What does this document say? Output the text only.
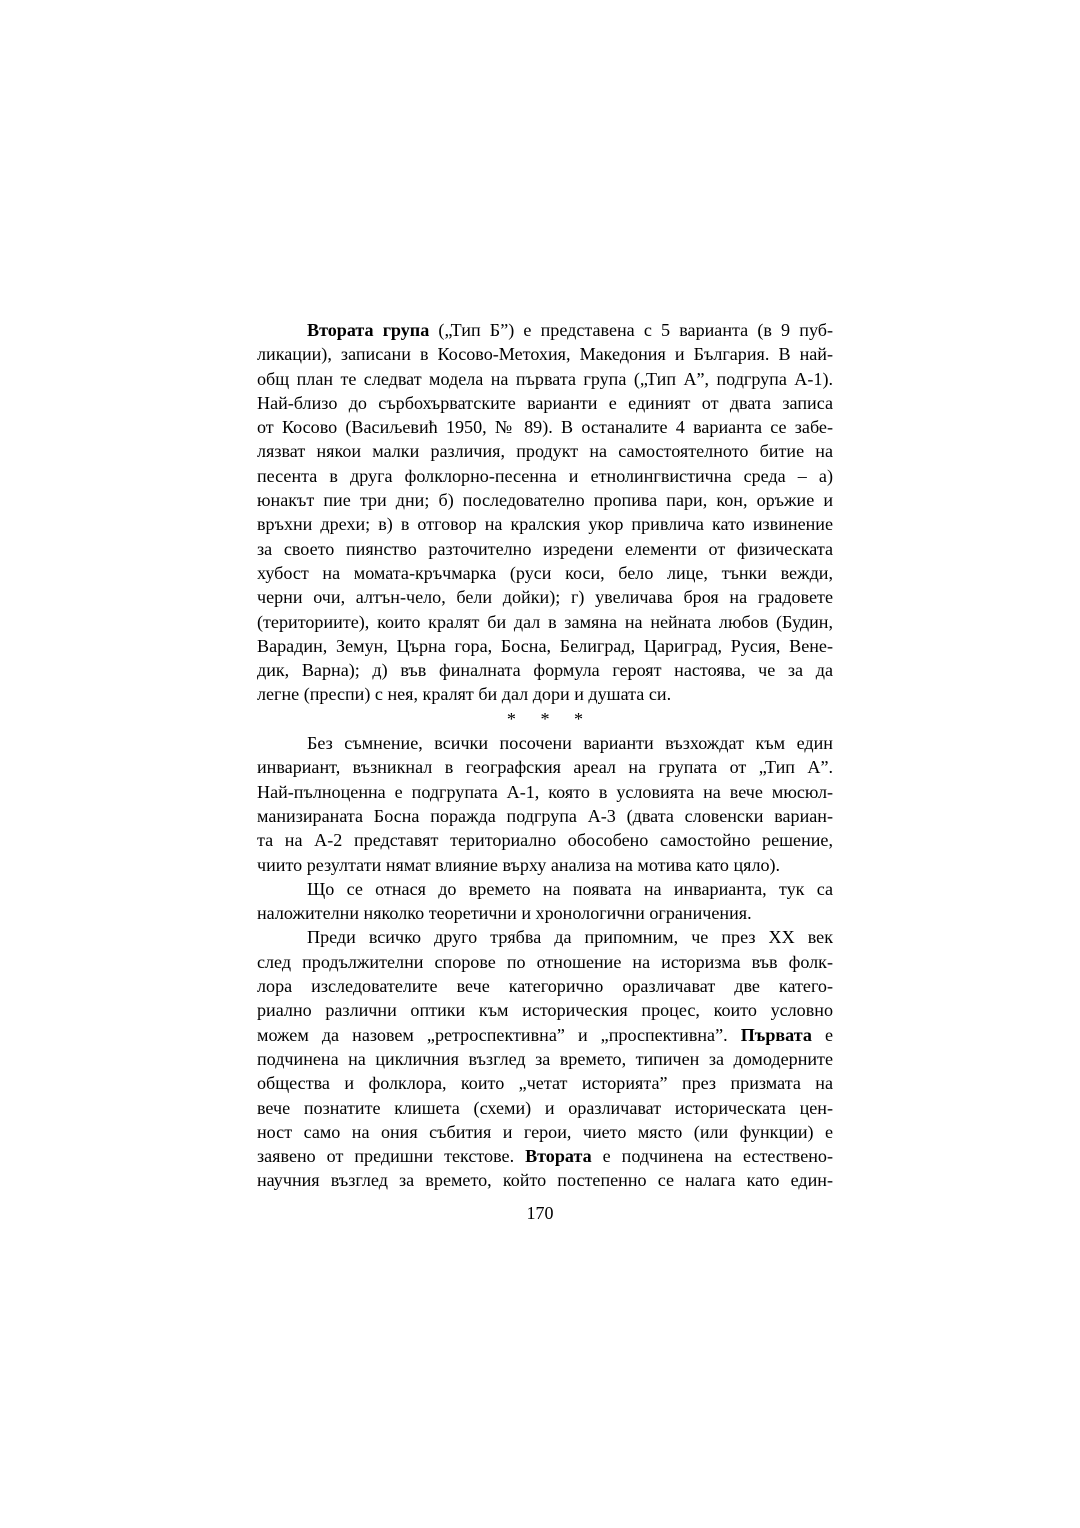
Втората група („Тип Б”) е представена с 5 варианта (в 9 пуб-
ликации), записани в Косово-Метохия, Македония и България. В най-
общ план те следват модела на първата група („Тип А”, подгрупа А-1).
Най-близо до сърбохърватските варианти е единият от двата записа
от Косово (Васиљевић 1950, № 89). В останалите 4 варианта се забе-
лязват някои малки различия, продукт на самостоятелното битие на
песента в друга фолклорно-песенна и етнолингвистична среда – а)
юнакът пие три дни; б) последователно пропива пари, кон, оръжие и
връхни дрехи; в) в отговор на кралския укор привлича като извинение
за своето пиянство разточително изредени елементи от физическата
хубост на момата-кръчмарка (руси коси, бело лице, тънки вежди,
черни очи, алтън-чело, бели дойки); г) увеличава броя на градовете
(териториите), които кралят би дал в замяна на нейната любов (Будин,
Варадин, Земун, Църна гора, Босна, Белиград, Цариград, Русия, Вене-
дик, Варна); д) във финалната формула героят настоява, че за да
легне (преспи) с нея, кралят би дал дори и душата си.
* * *
Без съмнение, всички посочени варианти възхождат към един
инвариант, възникнал в географския ареал на групата от „Тип А”.
Най-пълноценна е подгрупата А-1, която в условията на вече мюсюл-
манизираната Босна поражда подгрупа А-3 (двата словенски вариан-
та на А-2 представят териториално обособено самостойно решение,
чиито резултати нямат влияние върху анализа на мотива като цяло).
Що се отнася до времето на появата на инварианта, тук са
наложителни няколко теоретични и хронологични ограничения.
Преди всичко друго трябва да припомним, че през XX век
след продължителни спорове по отношение на историзма във фолк-
лора изследователите вече категорично оразличават две катего-
риално различни оптики към историческия процес, които условно
можем да назовем „ретроспективна” и „проспективна”. Първата е
подчинена на цикличния възглед за времето, типичен за домодерните
общества и фолклора, които „четат историята” през призмата на
вече познатите клишета (схеми) и оразличават историческата цен-
ност само на ония събития и герои, чието място (или функции) е
заявено от предишни текстове. Втората е подчинена на естествено-
научния възглед за времето, който постепенно се налага като един-
170
